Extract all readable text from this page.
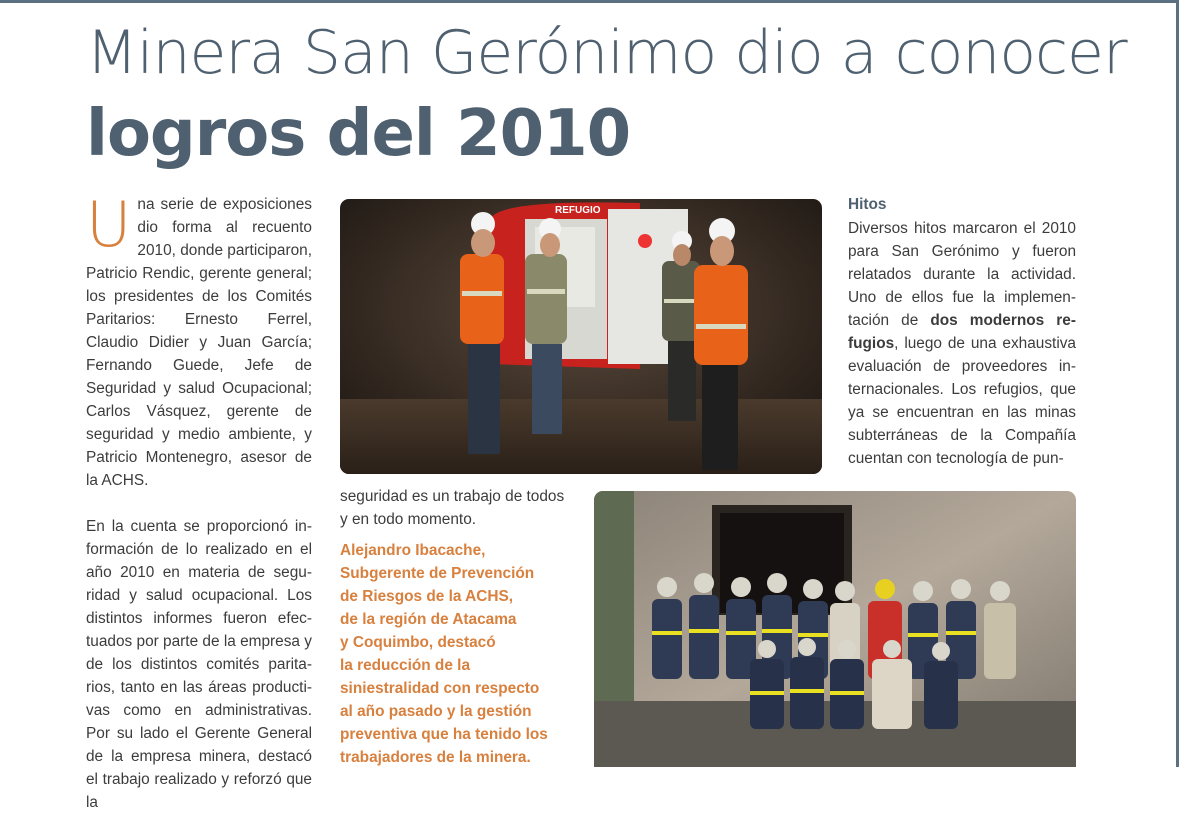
Minera San Gerónimo dio a conocer
logros del 2010

Una serie de exposiciones dio forma al recuento 2010, donde participaron, Patricio Rendic, gerente general; los presidentes de los Comités Paritarios: Ernesto Ferrel, Claudio Didier y Juan García; Fernando Guede, Jefe de Seguridad y salud Ocupacional; Carlos Vásquez, gerente de seguridad y medio ambiente, y Patricio Montenegro, asesor de la ACHS.

En la cuenta se proporcionó información de lo realizado en el año 2010 en materia de seguridad y salud ocupacional. Los distintos informes fueron efectuados por parte de la empresa y de los distintos comités paritarios, tanto en las áreas productivas como en administrativas. Por su lado el Gerente General de la empresa minera, destacó el trabajo realizado y reforzó que la

REFUGIO

seguridad es un trabajo de todos y en todo momento.

Alejandro Ibacache,
Subgerente de Prevención
de Riesgos de la ACHS,
de la región de Atacama
y Coquimbo, destacó
la reducción de la
siniestralidad con respecto
al año pasado y la gestión
preventiva que ha tenido los
trabajadores de la minera.

Hitos

Diversos hitos marcaron el 2010 para San Gerónimo y fueron relatados durante la actividad. Uno de ellos fue la implementación de dos modernos refugios, luego de una exhaustiva evaluación de proveedores internacionales. Los refugios, que ya se encuentran en las minas subterráneas de la Compañía cuentan con tecnología de pun-
